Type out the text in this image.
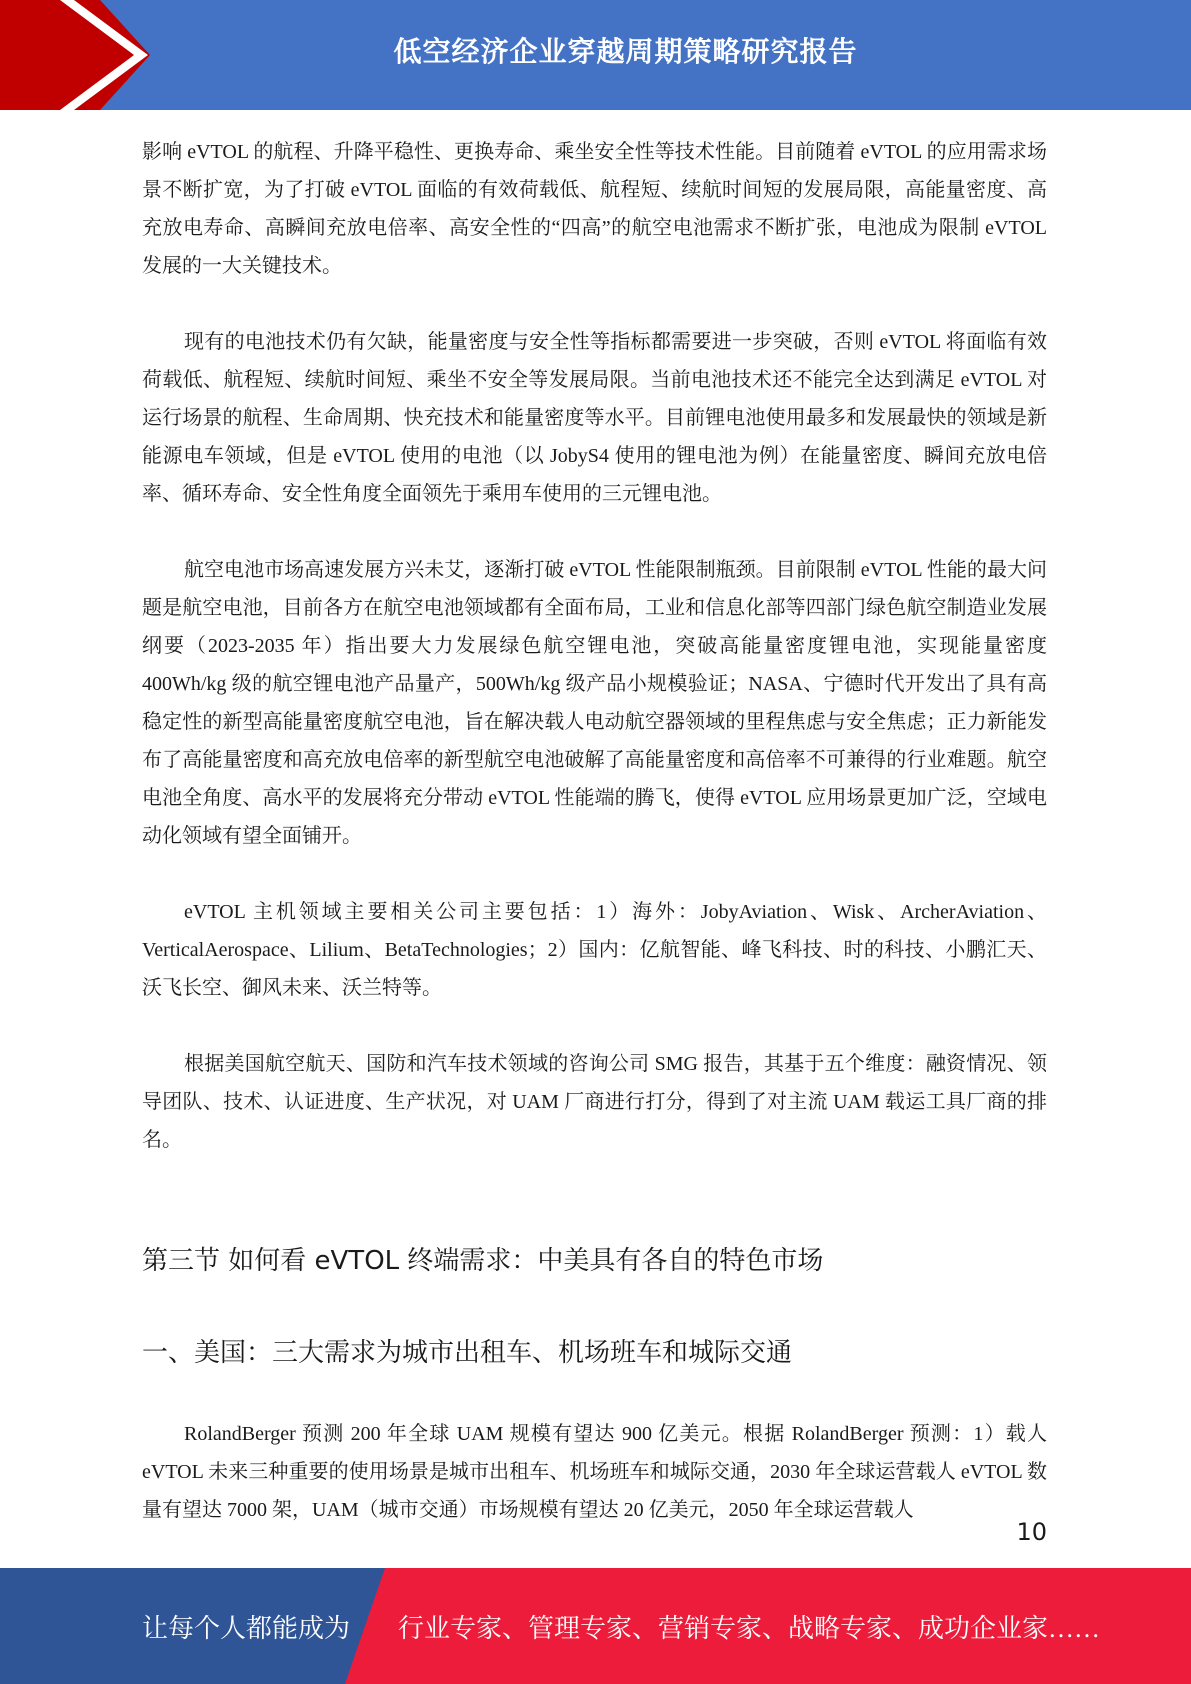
低空经济企业穿越周期策略研究报告

影响 eVTOL 的航程、升降平稳性、更换寿命、乘坐安全性等技术性能。目前随着 eVTOL 的应用需求场景不断扩宽，为了打破 eVTOL 面临的有效荷载低、航程短、续航时间短的发展局限，高能量密度、高充放电寿命、高瞬间充放电倍率、高安全性的“四高”的航空电池需求不断扩张，电池成为限制 eVTOL 发展的一大关键技术。

现有的电池技术仍有欠缺，能量密度与安全性等指标都需要进一步突破，否则 eVTOL 将面临有效荷载低、航程短、续航时间短、乘坐不安全等发展局限。当前电池技术还不能完全达到满足 eVTOL 对运行场景的航程、生命周期、快充技术和能量密度等水平。目前锂电池使用最多和发展最快的领域是新能源电车领域，但是 eVTOL 使用的电池（以 JobyS4 使用的锂电池为例）在能量密度、瞬间充放电倍率、循环寿命、安全性角度全面领先于乘用车使用的三元锂电池。

航空电池市场高速发展方兴未艾，逐渐打破 eVTOL 性能限制瓶颈。目前限制 eVTOL 性能的最大问题是航空电池，目前各方在航空电池领域都有全面布局，工业和信息化部等四部门绿色航空制造业发展纲要（2023-2035 年）指出要大力发展绿色航空锂电池，突破高能量密度锂电池，实现能量密度 400Wh/kg 级的航空锂电池产品量产，500Wh/kg 级产品小规模验证；NASA、宁德时代开发出了具有高稳定性的新型高能量密度航空电池，旨在解决载人电动航空器领域的里程焦虑与安全焦虑；正力新能发布了高能量密度和高充放电倍率的新型航空电池破解了高能量密度和高倍率不可兼得的行业难题。航空电池全角度、高水平的发展将充分带动 eVTOL 性能端的腾飞，使得 eVTOL 应用场景更加广泛，空域电动化领域有望全面铺开。

eVTOL 主机领域主要相关公司主要包括：1）海外：JobyAviation、Wisk、ArcherAviation、VerticalAerospace、Lilium、BetaTechnologies；2）国内：亿航智能、峰飞科技、时的科技、小鹏汇天、沃飞长空、御风未来、沃兰特等。

根据美国航空航天、国防和汽车技术领域的咨询公司 SMG 报告，其基于五个维度：融资情况、领导团队、技术、认证进度、生产状况，对 UAM 厂商进行打分，得到了对主流 UAM 载运工具厂商的排名。

第三节 如何看 eVTOL 终端需求：中美具有各自的特色市场
一、美国：三大需求为城市出租车、机场班车和城际交通

RolandBerger 预测 200 年全球 UAM 规模有望达 900 亿美元。根据 RolandBerger 预测：1）载人 eVTOL 未来三种重要的使用场景是城市出租车、机场班车和城际交通，2030 年全球运营载人 eVTOL 数量有望达 7000 架，UAM（城市交通）市场规模有望达 20 亿美元，2050 年全球运营载人

10
让每个人都能成为 行业专家、管理专家、营销专家、战略专家、成功企业家……
